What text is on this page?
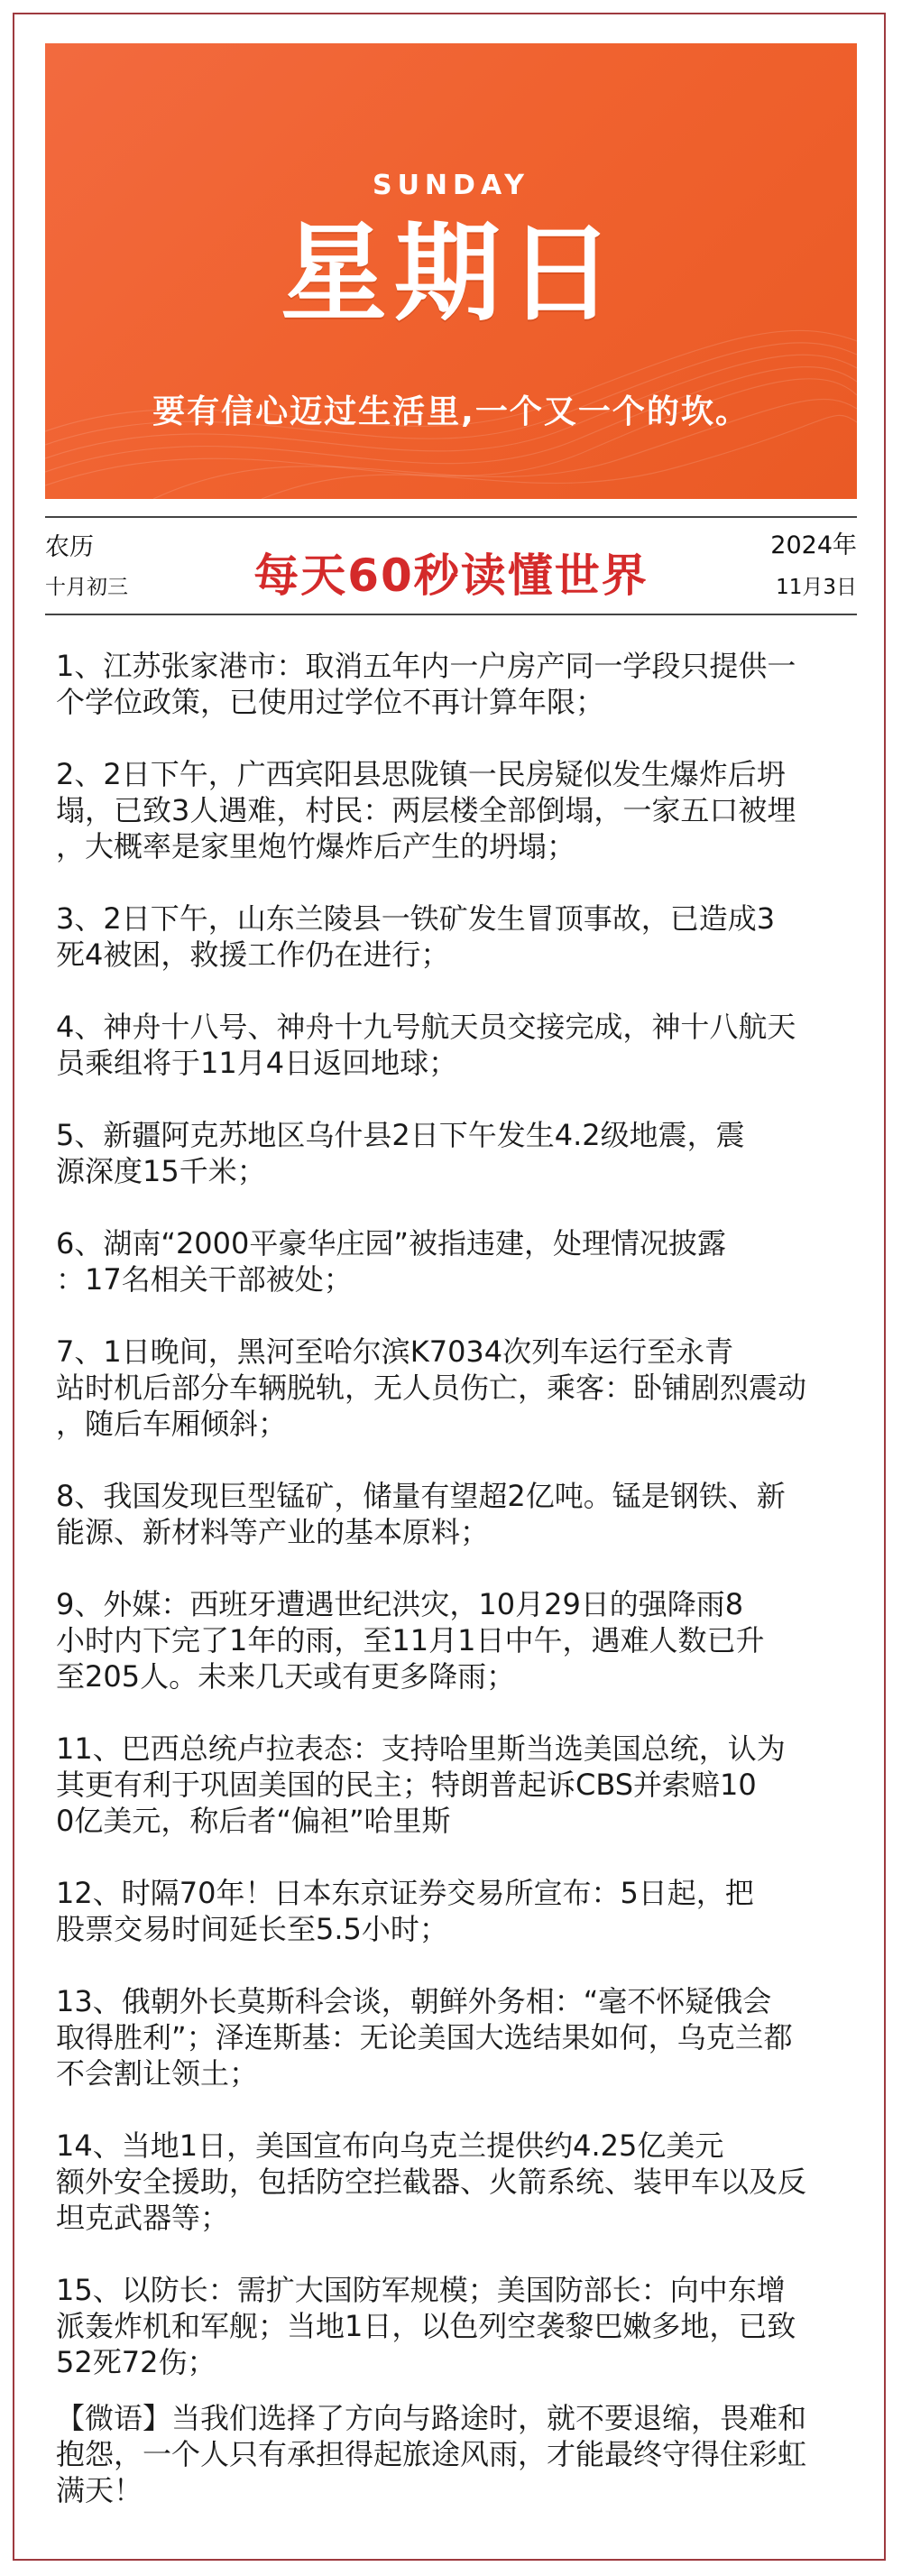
SUNDAY
星期日
要有信心迈过生活里,一个又一个的坎。
农历
十月初三	每天60秒读懂世界
2024年
11月3日
1、江苏张家港市：取消五年内一户房产同一学段只提供一
个学位政策，已使用过学位不再计算年限；
2、2日下午，广西宾阳县思陇镇一民房疑似发生爆炸后坍
塌，已致3人遇难，村民：两层楼全部倒塌，一家五口被埋
，大概率是家里炮竹爆炸后产生的坍塌；
3、2日下午，山东兰陵县一铁矿发生冒顶事故，已造成3
死4被困，救援工作仍在进行；
4、神舟十八号、神舟十九号航天员交接完成，神十八航天
员乘组将于11月4日返回地球；
5、新疆阿克苏地区乌什县2日下午发生4.2级地震，震
源深度15千米；
6、湖南“2000平豪华庄园”被指违建，处理情况披露
：17名相关干部被处；
7、1日晚间，黑河至哈尔滨K7034次列车运行至永青
站时机后部分车辆脱轨，无人员伤亡，乘客：卧铺剧烈震动
，随后车厢倾斜；
8、我国发现巨型锰矿，储量有望超2亿吨。锰是钢铁、新
能源、新材料等产业的基本原料；
9、外媒：西班牙遭遇世纪洪灾，10月29日的强降雨8
小时内下完了1年的雨，至11月1日中午，遇难人数已升
至205人。未来几天或有更多降雨；
11、巴西总统卢拉表态：支持哈里斯当选美国总统，认为
其更有利于巩固美国的民主；特朗普起诉CBS并索赔10
0亿美元，称后者“偏袒”哈里斯
12、时隔70年！日本东京证券交易所宣布：5日起，把
股票交易时间延长至5.5小时；
13、俄朝外长莫斯科会谈，朝鲜外务相：“毫不怀疑俄会
取得胜利”；泽连斯基：无论美国大选结果如何，乌克兰都
不会割让领土；
14、当地1日，美国宣布向乌克兰提供约4.25亿美元
额外安全援助，包括防空拦截器、火箭系统、装甲车以及反
坦克武器等；
15、以防长：需扩大国防军规模；美国防部长：向中东增
派轰炸机和军舰；当地1日，以色列空袭黎巴嫩多地，已致
52死72伤；
【微语】当我们选择了方向与路途时，就不要退缩，畏难和
抱怨，一个人只有承担得起旅途风雨，才能最终守得住彩虹
满天！
